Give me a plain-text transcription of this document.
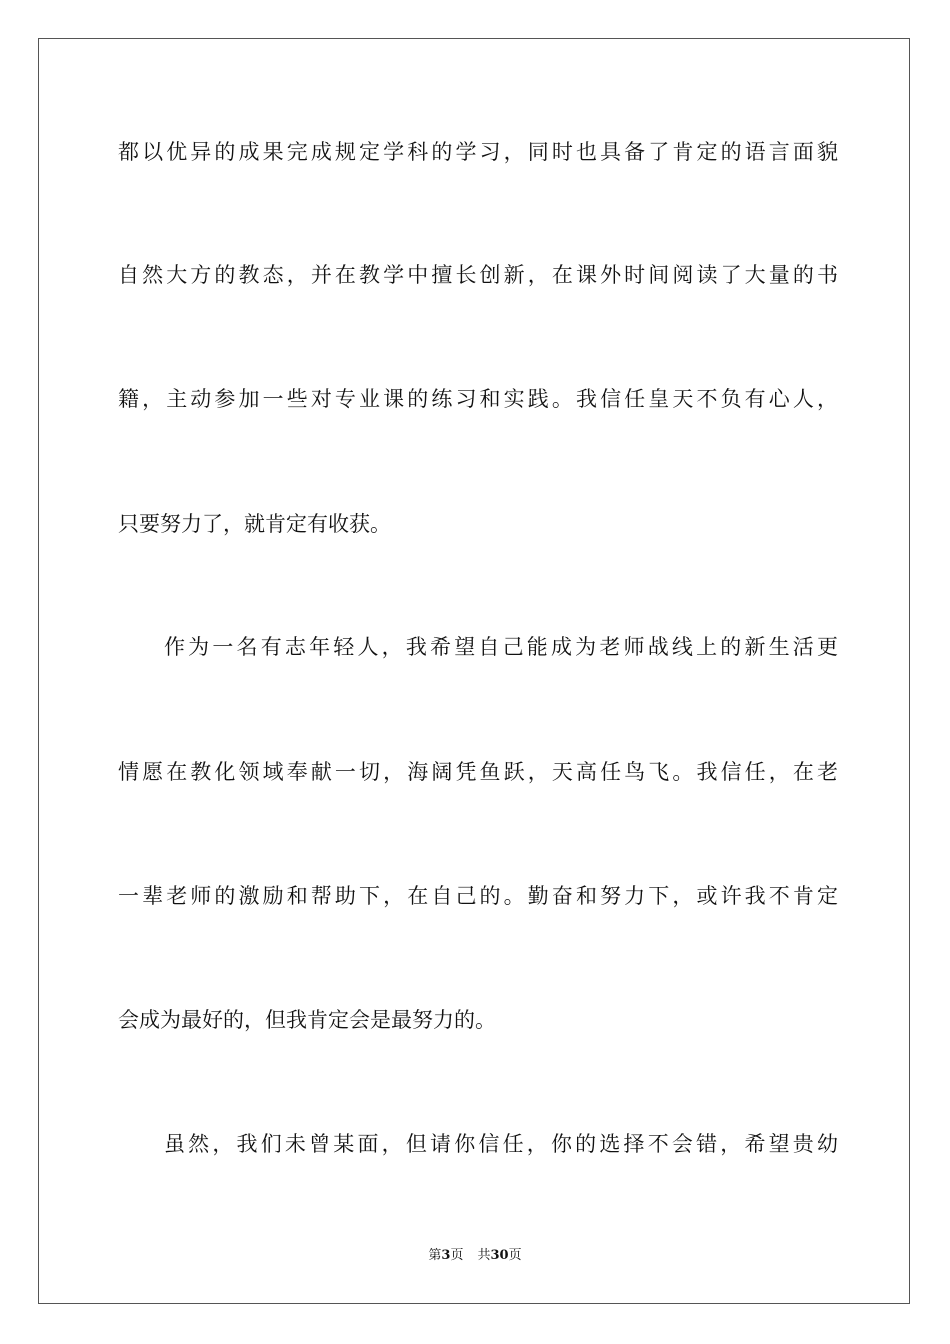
都以优异的成果完成规定学科的学习，同时也具备了肯定的语言面貌
自然大方的教态，并在教学中擅长创新，在课外时间阅读了大量的书
籍，主动参加一些对专业课的练习和实践。我信任皇天不负有心人，
只要努力了，就肯定有收获。
作为一名有志年轻人，我希望自己能成为老师战线上的新生活更
情愿在教化领域奉献一切，海阔凭鱼跃，天高任鸟飞。我信任，在老
一辈老师的激励和帮助下，在自己的。勤奋和努力下，或许我不肯定
会成为最好的，但我肯定会是最努力的。
虽然，我们未曾某面，但请你信任，你的选择不会错，希望贵幼
第3页 共30页
